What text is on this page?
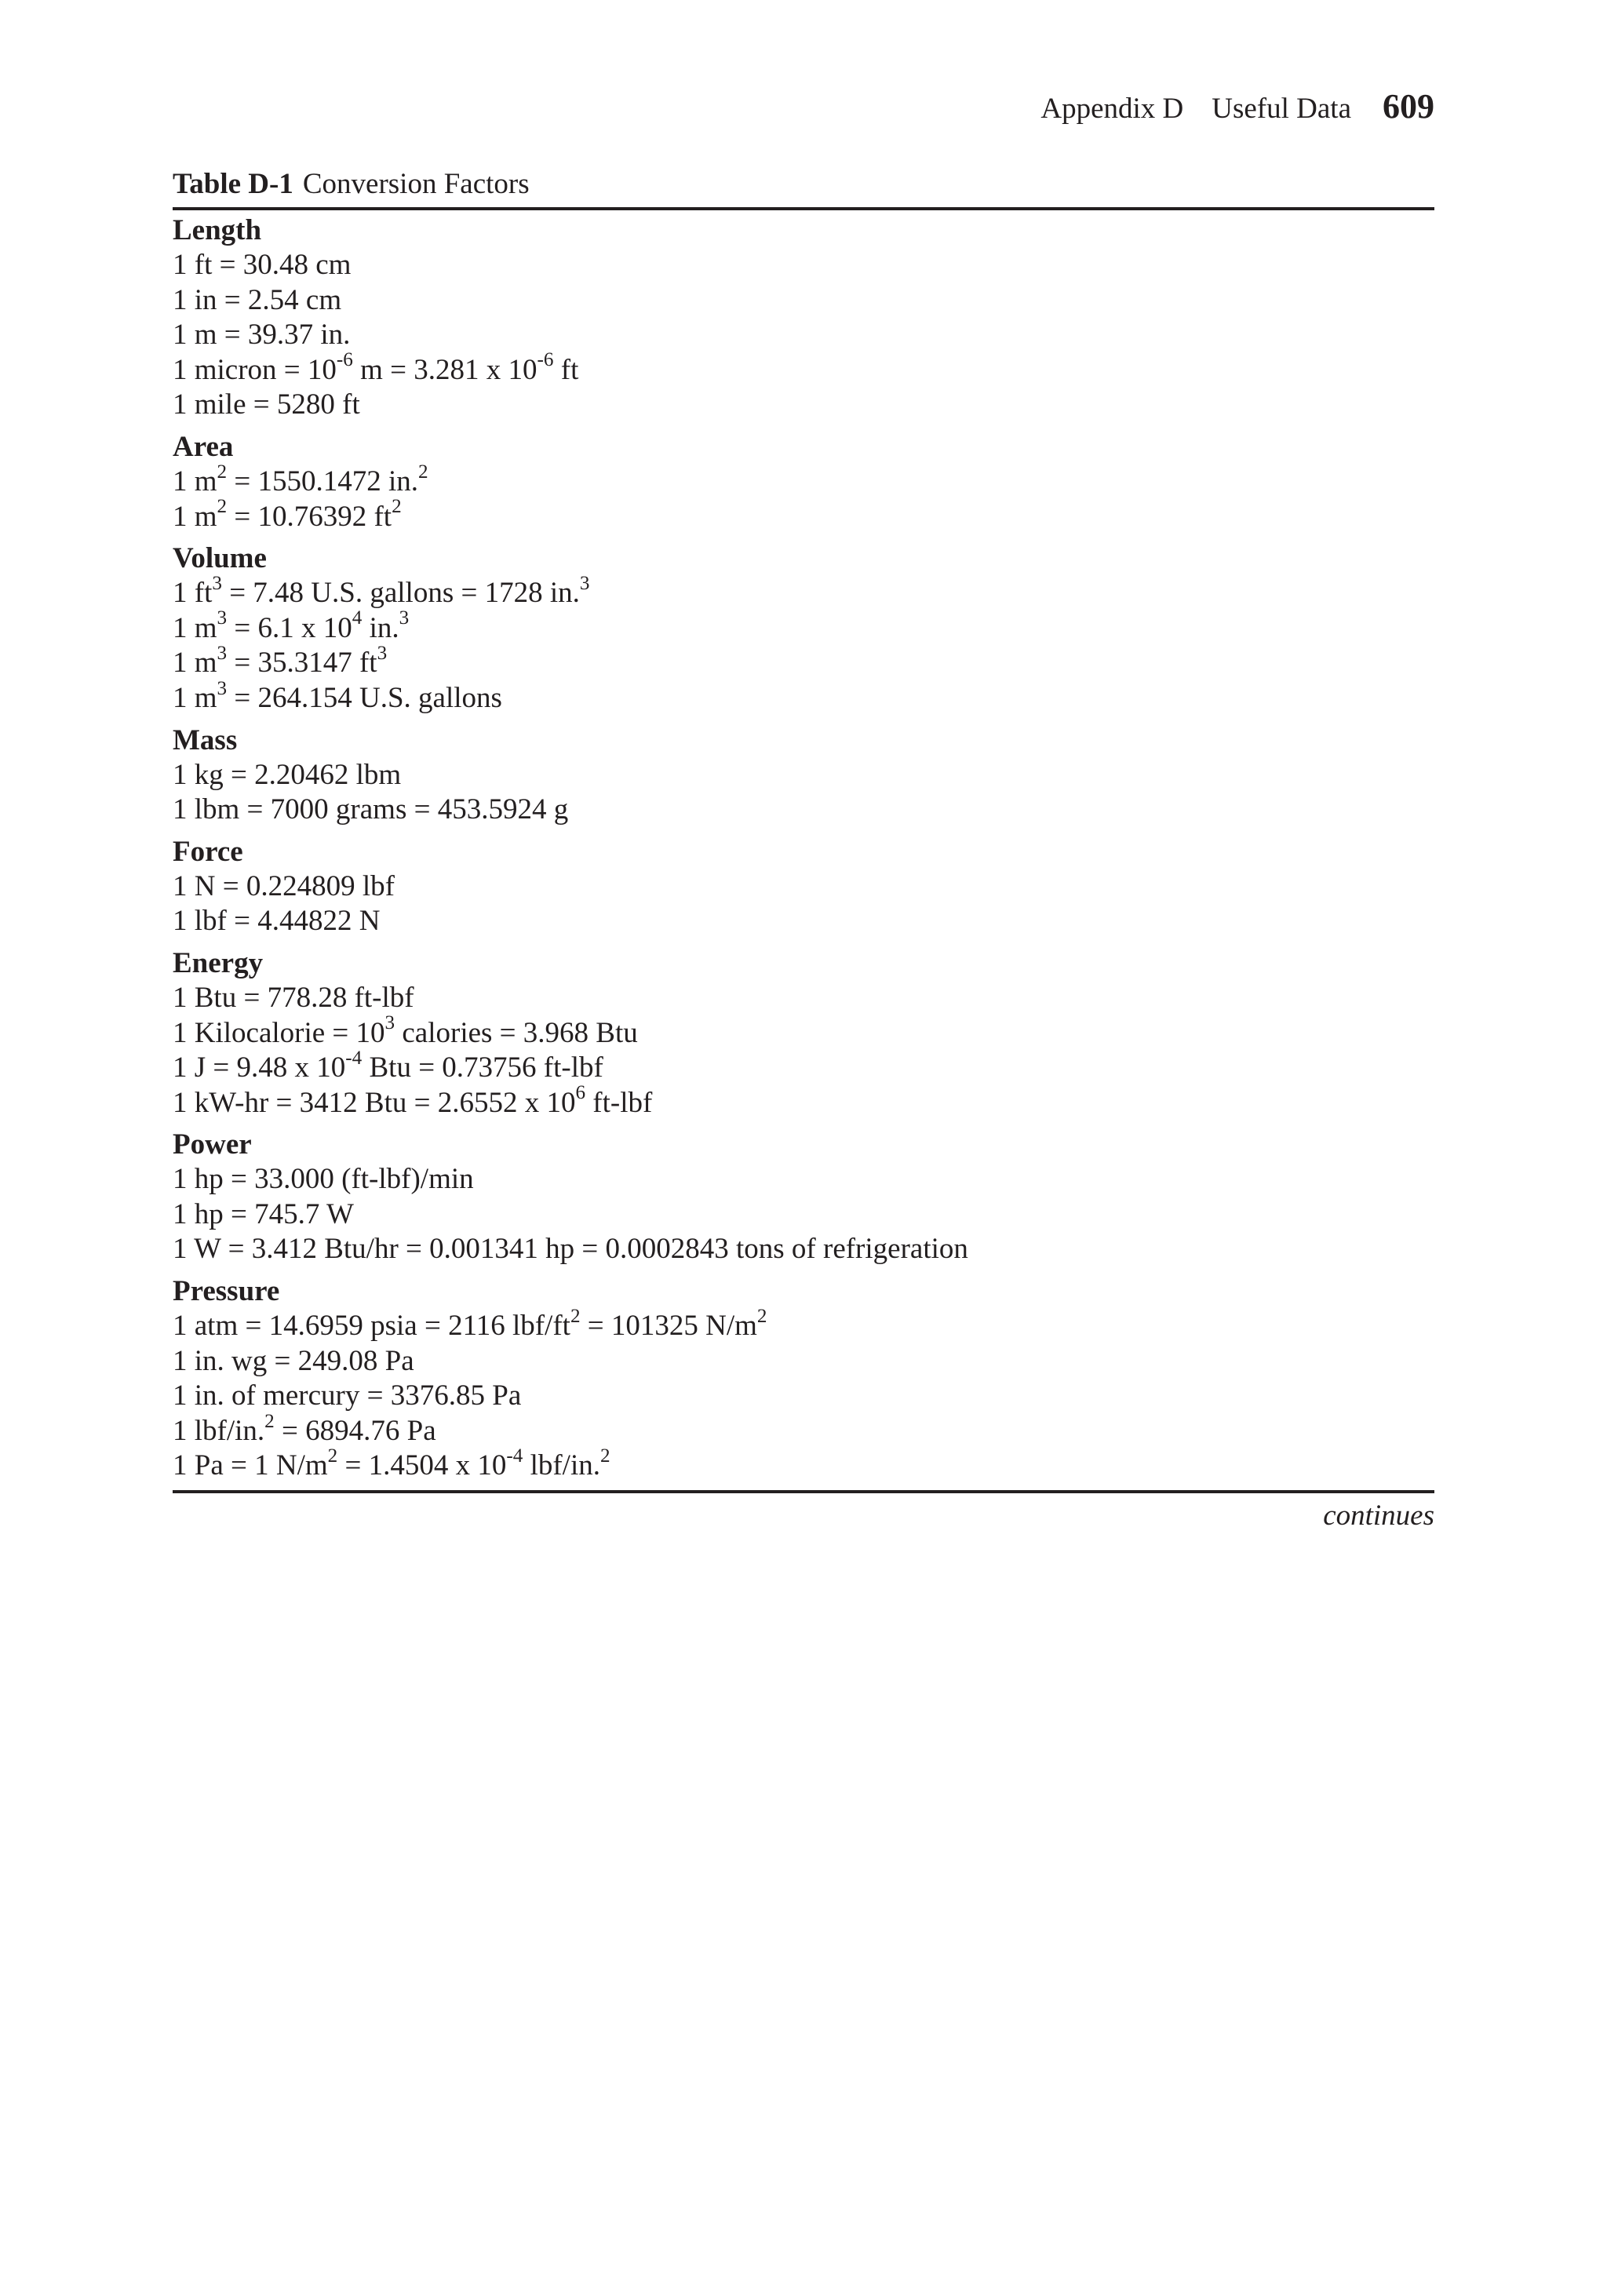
Appendix D Useful Data 609
Table D-1 Conversion Factors
Length
1 ft = 30.48 cm
1 in = 2.54 cm
1 m = 39.37 in.
1 micron = $10^{-6}$ m = 3.281 x $10^{-6}$ ft
1 mile = 5280 ft
Area
1 $m^2 = 1550.1472$ in.$^2$
1 $m^2 = 10.76392$ $ft^2$
Volume
1 $ft^3 = 7.48$ U.S. gallons = 1728 in.$^3$
1 $m^3 = 6.1$ x $10^4$ in.$^3$
1 $m^3 = 35.3147$ $ft^3$
1 $m^3 = 264.154$ U.S. gallons
Mass
1 kg = 2.20462 lbm
1 lbm = 7000 grams = 453.5924 g
Force
1 N = 0.224809 lbf
1 lbf = 4.44822 N
Energy
1 Btu = 778.28 ft-lbf
1 Kilocalorie = $10^3$ calories = 3.968 Btu
1 J = 9.48 x $10^{-4}$ Btu = 0.73756 ft-lbf
1 kW-hr = 3412 Btu = 2.6552 x $10^6$ ft-lbf
Power
1 hp = 33.000 (ft-lbf)/min
1 hp = 745.7 W
1 W = 3.412 Btu/hr = 0.001341 hp = 0.0002843 tons of refrigeration
Pressure
1 atm = 14.6959 psia = 2116 lbf/$ft^2 = 101325$ $N/m^2$
1 in. wg = 249.08 Pa
1 in. of mercury = 3376.85 Pa
1 lbf/in.$^2$ = 6894.76 Pa
1 Pa = 1 $N/m^2 = 1.4504$ x $10^{-4}$ lbf/in.$^2$
continues
